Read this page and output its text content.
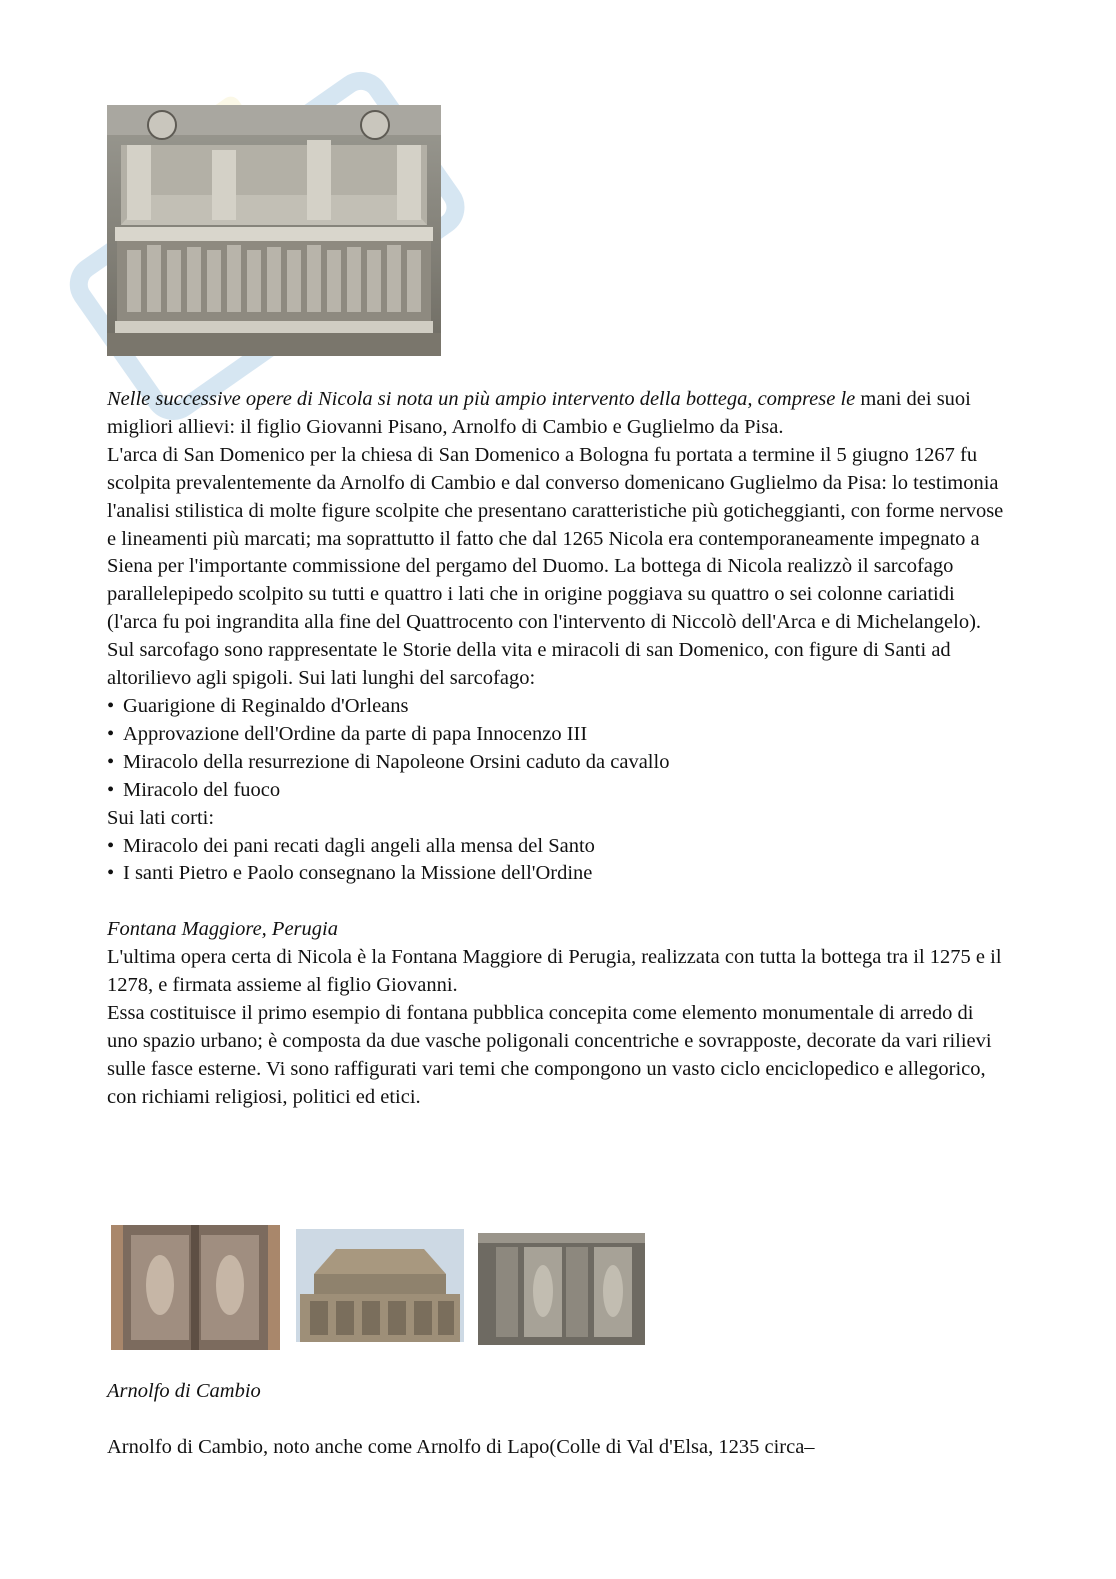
Nelle successive opere di Nicola si nota un più ampio intervento della bottega, comprese le mani dei suoi migliori allievi: il figlio Giovanni Pisano, Arnolfo di Cambio e Guglielmo da Pisa.

L'arca di San Domenico per la chiesa di San Domenico a Bologna fu portata a termine il 5 giugno 1267 fu scolpita prevalentemente da Arnolfo di Cambio e dal converso domenicano Guglielmo da Pisa: lo testimonia l'analisi stilistica di molte figure scolpite che presentano caratteristiche più goticheggianti, con forme nervose e lineamenti più marcati; ma soprattutto il fatto che dal 1265 Nicola era contemporaneamente impegnato a Siena per l'importante commissione del pergamo del Duomo. La bottega di Nicola realizzò il sarcofago parallelepipedo scolpito su tutti e quattro i lati che in origine poggiava su quattro o sei colonne cariatidi (l'arca fu poi ingrandita alla fine del Quattrocento con l'intervento di Niccolò dell'Arca e di Michelangelo).

Sul sarcofago sono rappresentate le Storie della vita e miracoli di san Domenico, con figure di Santi ad altorilievo agli spigoli. Sui lati lunghi del sarcofago:

• Guarigione di Reginaldo d'Orleans
• Approvazione dell'Ordine da parte di papa Innocenzo III
• Miracolo della resurrezione di Napoleone Orsini caduto da cavallo
• Miracolo del fuoco

Sui lati corti:

• Miracolo dei pani recati dagli angeli alla mensa del Santo
• I santi Pietro e Paolo consegnano la Missione dell'Ordine

Fontana Maggiore, Perugia

L'ultima opera certa di Nicola è la Fontana Maggiore di Perugia, realizzata con tutta la bottega tra il 1275 e il 1278, e firmata assieme al figlio Giovanni.

Essa costituisce il primo esempio di fontana pubblica concepita come elemento monumentale di arredo di uno spazio urbano; è composta da due vasche poligonali concentriche e sovrapposte, decorate da vari rilievi sulle fasce esterne. Vi sono raffigurati vari temi che compongono un vasto ciclo enciclopedico e allegorico, con richiami religiosi, politici ed etici.

Arnolfo di Cambio

Arnolfo di Cambio, noto anche come Arnolfo di Lapo(Colle di Val d'Elsa, 1235 circa–
